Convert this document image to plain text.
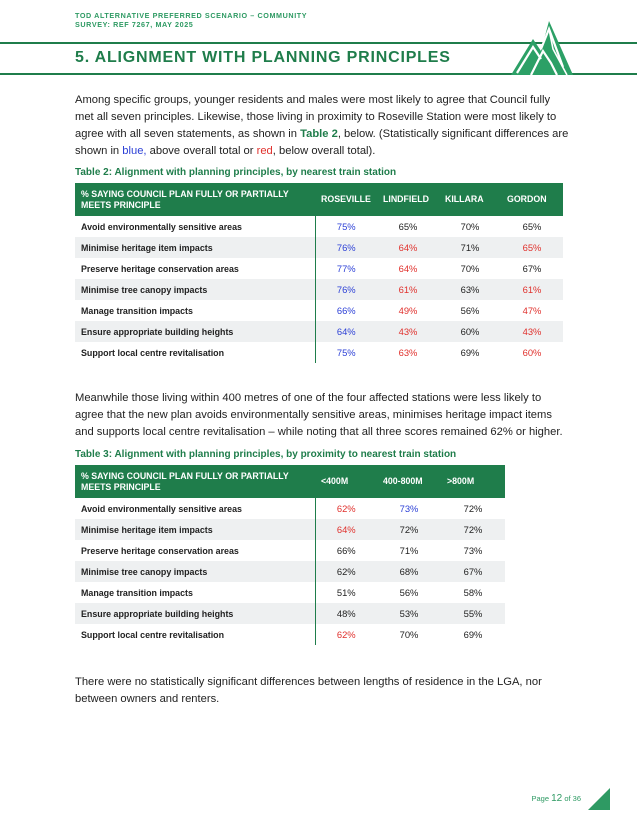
TOD ALTERNATIVE PREFERRED SCENARIO – COMMUNITY
SURVEY: REF 7267, MAY 2025
5. ALIGNMENT WITH PLANNING PRINCIPLES

Among specific groups, younger residents and males were most likely to agree that Council fully met all seven principles. Likewise, those living in proximity to Roseville Station were most likely to agree with all seven statements, as shown in Table 2, below. (Statistically significant differences are shown in blue, above overall total or red, below overall total).

Table 2: Alignment with planning principles, by nearest train station
% SAYING COUNCIL PLAN FULLY OR PARTIALLY MEETS PRINCIPLE	ROSEVILLE	LINDFIELD	KILLARA	GORDON
Avoid environmentally sensitive areas	75%	65%	70%	65%
Minimise heritage item impacts	76%	64%	71%	65%
Preserve heritage conservation areas	77%	64%	70%	67%
Minimise tree canopy impacts	76%	61%	63%	61%
Manage transition impacts	66%	49%	56%	47%
Ensure appropriate building heights	64%	43%	60%	43%
Support local centre revitalisation	75%	63%	69%	60%

Meanwhile those living within 400 metres of one of the four affected stations were less likely to agree that the new plan avoids environmentally sensitive areas, minimises heritage impact items and supports local centre revitalisation – while noting that all three scores remained 62% or higher.

Table 3: Alignment with planning principles, by proximity to nearest train station
% SAYING COUNCIL PLAN FULLY OR PARTIALLY MEETS PRINCIPLE	<400M	400-800M	>800M
Avoid environmentally sensitive areas	62%	73%	72%
Minimise heritage item impacts	64%	72%	72%
Preserve heritage conservation areas	66%	71%	73%
Minimise tree canopy impacts	62%	68%	67%
Manage transition impacts	51%	56%	58%
Ensure appropriate building heights	48%	53%	55%
Support local centre revitalisation	62%	70%	69%

There were no statistically significant differences between lengths of residence in the LGA, nor between owners and renters.

Page 12 of 36
